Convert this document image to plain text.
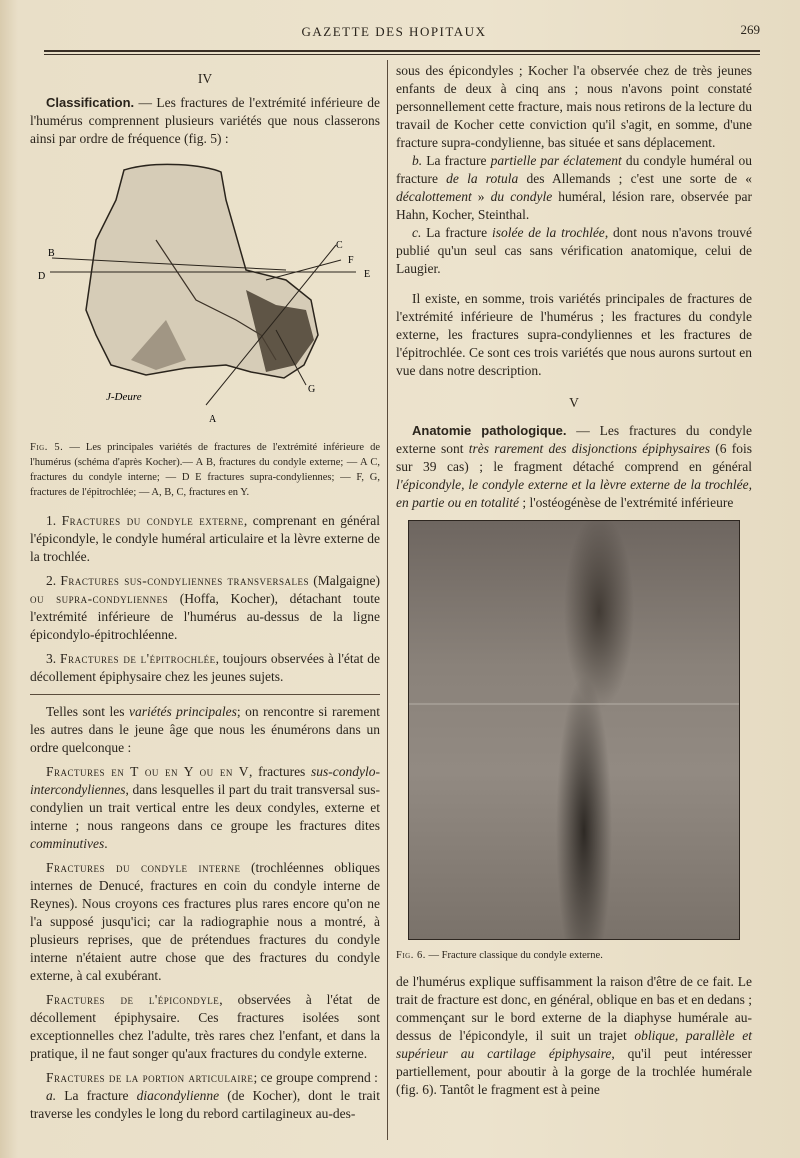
GAZETTE DES HOPITAUX	269

IV

Classification. — Les fractures de l'extrémité inférieure de l'humérus comprennent plusieurs variétés que nous classerons ainsi par ordre de fréquence (fig. 5) :

B
D
C
F
E
G
A
J-Deure

Fig. 5. — Les principales variétés de fractures de l'extrémité inférieure de l'humérus (schéma d'après Kocher).— A B, fractures du condyle externe; — A C, fractures du condyle interne; — D E fractures supra-condyliennes; — F, G, fractures de l'épitrochlée; — A, B, C, fractures en Y.

1. Fractures du condyle externe, comprenant en général l'épicondyle, le condyle huméral articulaire et la lèvre externe de la trochlée.

2. Fractures sus-condyliennes transversales (Malgaigne) ou supra-condyliennes (Hoffa, Kocher), détachant toute l'extrémité inférieure de l'humérus au-dessus de la ligne épicondylo-épitrochléenne.

3. Fractures de l'épitrochlée, toujours observées à l'état de décollement épiphysaire chez les jeunes sujets.

Telles sont les variétés principales; on rencontre si rarement les autres dans le jeune âge que nous les énumérons dans un ordre quelconque :

Fractures en T ou en Y ou en V, fractures sus-condylo-intercondyliennes, dans lesquelles il part du trait transversal sus-condylien un trait vertical entre les deux condyles, externe et interne ; nous rangeons dans ce groupe les fractures dites comminutives.

Fractures du condyle interne (trochléennes obliques internes de Denucé, fractures en coin du condyle interne de Reynes). Nous croyons ces fractures plus rares encore qu'on ne l'a supposé jusqu'ici; car la radiographie nous a montré, à plusieurs reprises, que de prétendues fractures du condyle interne n'étaient autre chose que des fractures du condyle externe, à cal exubérant.

Fractures de l'épicondyle, observées à l'état de décollement épiphysaire. Ces fractures isolées sont exceptionnelles chez l'adulte, très rares chez l'enfant, et dans la pratique, il ne faut songer qu'aux fractures du condyle externe.

Fractures de la portion articulaire; ce groupe comprend :

a. La fracture diacondylienne (de Kocher), dont le trait traverse les condyles le long du rebord cartilagineux au-des-

sous des épicondyles ; Kocher l'a observée chez de très jeunes enfants de deux à cinq ans ; nous n'avons point constaté personnellement cette fracture, mais nous retirons de la lecture du travail de Kocher cette conviction qu'il s'agit, en somme, d'une fracture supra-condylienne, bas située et sans déplacement.

b. La fracture partielle par éclatement du condyle huméral ou fracture de la rotula des Allemands ; c'est une sorte de « décalottement » du condyle huméral, lésion rare, observée par Hahn, Kocher, Steinthal.

c. La fracture isolée de la trochlée, dont nous n'avons trouvé publié qu'un seul cas sans vérification anatomique, celui de Laugier.

Il existe, en somme, trois variétés principales de fractures de l'extrémité inférieure de l'humérus ; les fractures du condyle externe, les fractures supra-condyliennes et les fractures de l'épitrochlée. Ce sont ces trois variétés que nous aurons surtout en vue dans notre description.

V

Anatomie pathologique. — Les fractures du condyle externe sont très rarement des disjonctions épiphysaires (6 fois sur 39 cas) ; le fragment détaché comprend en général l'épicondyle, le condyle externe et la lèvre externe de la trochlée, en partie ou en totalité ; l'ostéogénèse de l'extrémité inférieure

Fig. 6. — Fracture classique du condyle externe.

de l'humérus explique suffisamment la raison d'être de ce fait. Le trait de fracture est donc, en général, oblique en bas et en dedans ; commençant sur le bord externe de la diaphyse humérale au-dessus de l'épicondyle, il suit un trajet oblique, parallèle et supérieur au cartilage épiphysaire, qu'il peut intéresser partiellement, pour aboutir à la gorge de la trochlée humérale (fig. 6). Tantôt le fragment est à peine
